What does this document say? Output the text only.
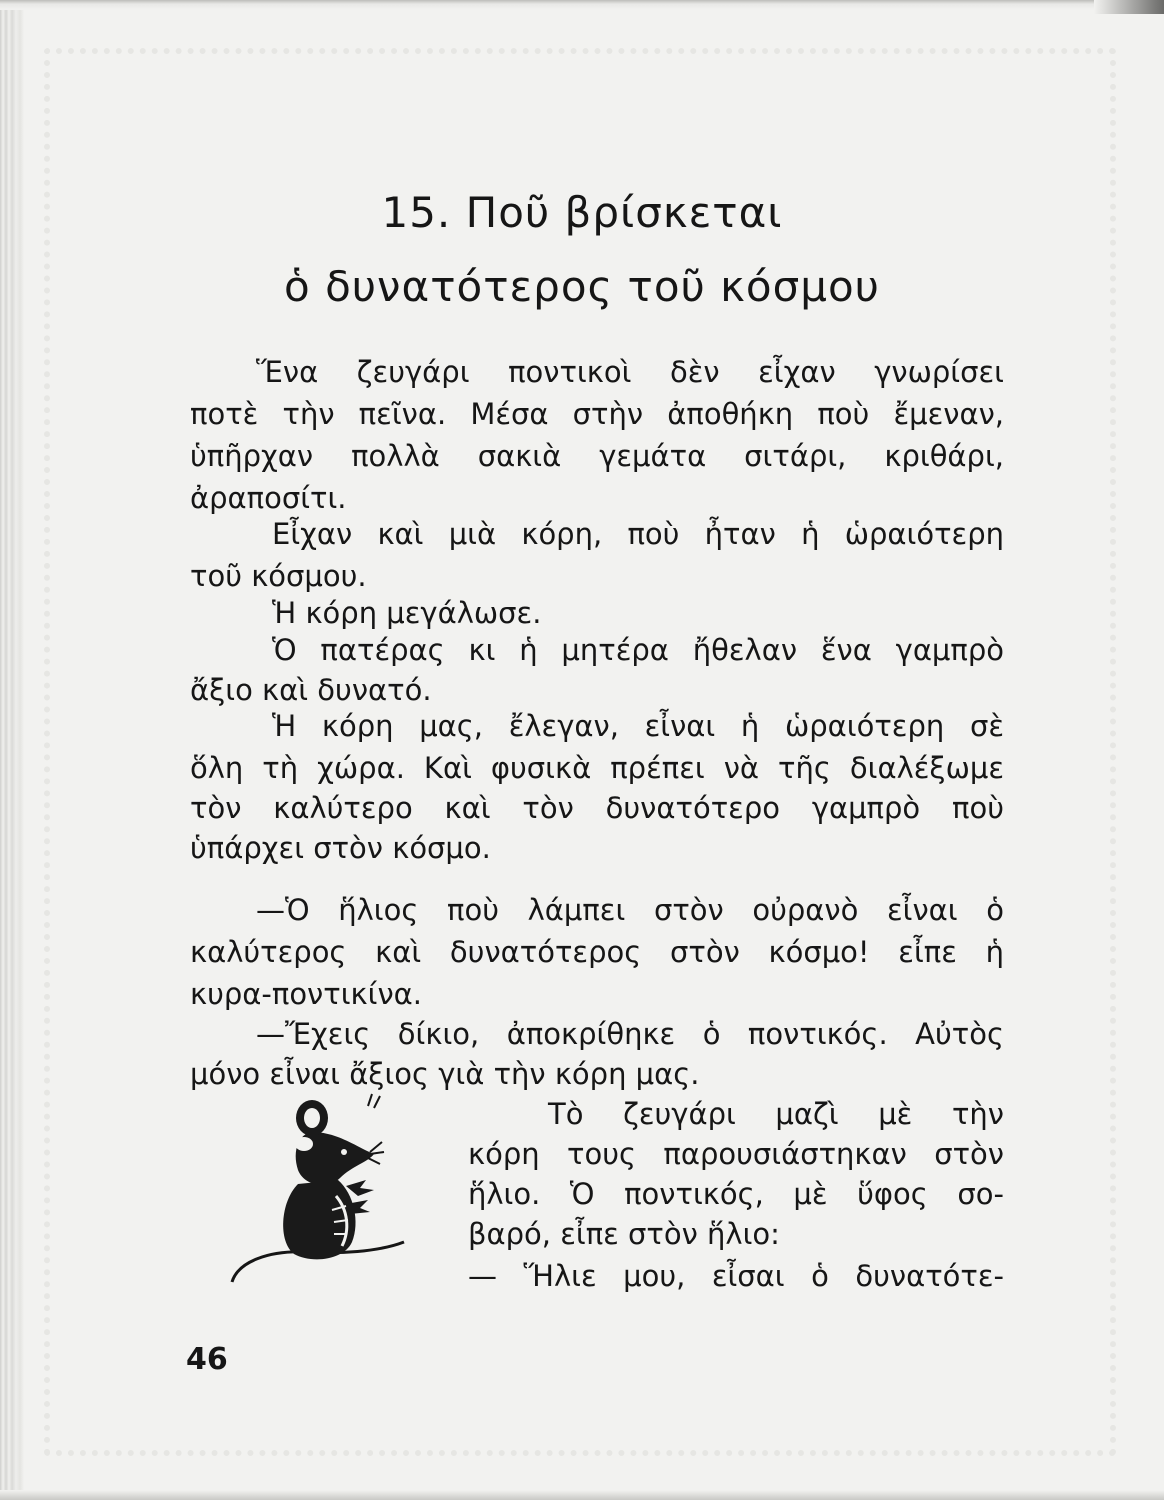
15. Ποῦ βρίσκεται
ὁ δυνατότερος τοῦ κόσμου

Ἕνα ζευγάρι ποντικοὶ δὲν εἶχαν γνωρίσει

ποτὲ τὴν πεῖνα. Μέσα στὴν ἀποθήκη ποὺ ἔμεναν,

ὑπῆρχαν πολλὰ σακιὰ γεμάτα σιτάρι, κριθάρι,

ἀραποσίτι.

Εἶχαν καὶ μιὰ κόρη, ποὺ ἦταν ἡ ὡραιότερη

τοῦ κόσμου.

Ἡ κόρη μεγάλωσε.

Ὁ πατέρας κι ἡ μητέρα ἤθελαν ἕνα γαμπρὸ

ἄξιο καὶ δυνατό.

Ἡ κόρη μας, ἔλεγαν, εἶναι ἡ ὡραιότερη σὲ

ὅλη τὴ χώρα. Καὶ φυσικὰ πρέπει νὰ τῆς διαλέξωμε

τὸν καλύτερο καὶ τὸν δυνατότερο γαμπρὸ ποὺ

ὑπάρχει στὸν κόσμο.

—Ὁ ἥλιος ποὺ λάμπει στὸν οὐρανὸ εἶναι ὁ

καλύτερος καὶ δυνατότερος στὸν κόσμο! εἶπε ἡ

κυρα-ποντικίνα.

—Ἔχεις δίκιο, ἀποκρίθηκε ὁ ποντικός. Αὐτὸς

μόνο εἶναι ἄξιος γιὰ τὴν κόρη μας.

Τὸ ζευγάρι μαζὶ μὲ τὴν

κόρη τους παρουσιάστηκαν στὸν

ἥλιο. Ὁ ποντικός, μὲ ὕφος σο-

βαρό, εἶπε στὸν ἥλιο:

— Ἥλιε μου, εἶσαι ὁ δυνατότε-

46
